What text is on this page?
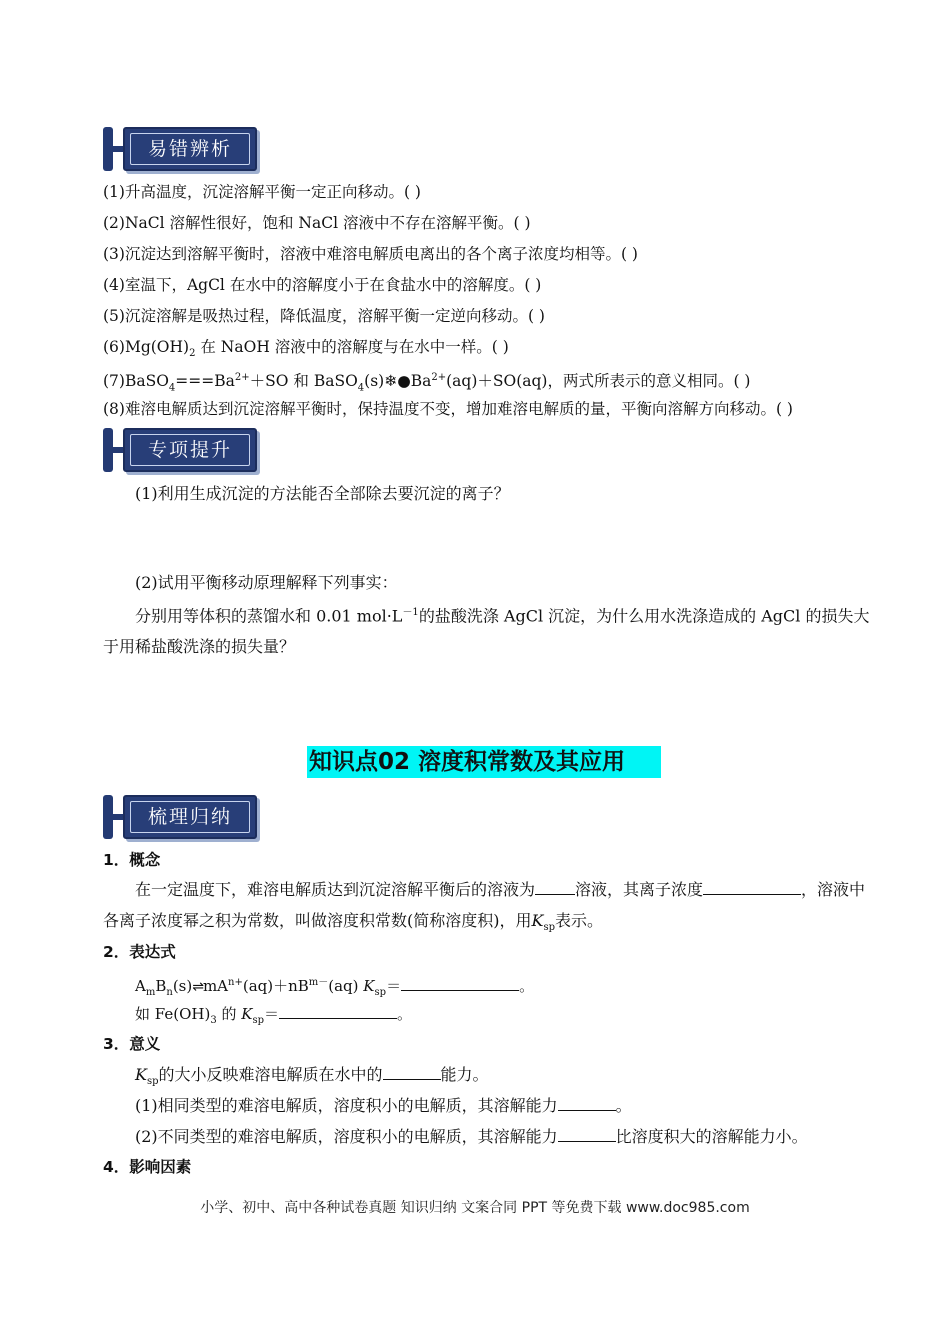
易错辨析
(1)升高温度，沉淀溶解平衡一定正向移动。( )
(2)NaCl 溶解性很好，饱和 NaCl 溶液中不存在溶解平衡。( )
(3)沉淀达到溶解平衡时，溶液中难溶电解质电离出的各个离子浓度均相等。( )
(4)室温下，AgCl 在水中的溶解度小于在食盐水中的溶解度。( )
(5)沉淀溶解是吸热过程，降低温度，溶解平衡一定逆向移动。( )
$(6)Mg(OH)_2$ 在 NaOH 溶液中的溶解度与在水中一样。( )
$(7)BaSO_4===Ba^{2+}+SO$ 和 $BaSO_4(s)❄●Ba^{2+}(aq)+SO(aq)$，两式所表示的意义相同。( )
(8)难溶电解质达到沉淀溶解平衡时，保持温度不变，增加难溶电解质的量，平衡向溶解方向移动。( )
专项提升
(1)利用生成沉淀的方法能否全部除去要沉淀的离子？
(2)试用平衡移动原理解释下列事实：
分别用等体积的蒸馏水和 0.01 $mol\cdot L^{-1}$的盐酸洗涤 AgCl 沉淀，为什么用水洗涤造成的 AgCl 的损失大于用稀盐酸洗涤的损失量？
知识点02 溶度积常数及其应用
梳理归纳
1．概念
在一定温度下，难溶电解质达到沉淀溶解平衡后的溶液为	溶液，其离子浓度	，溶液中各离子浓度幂之积为常数，叫做溶度积常数(简称溶度积)，用$K_{sp}$表示。
2．表达式
$A_mB_n(s)\rightleftharpoons mA^{n+}(aq)+nB^{m-}(aq)$ $K_{sp}=$	。
如 $Fe(OH)_3$ 的 $K_{sp}=$	。
3．意义
$K_{sp}$的大小反映难溶电解质在水中的	能力。
(1)相同类型的难溶电解质，溶度积小的电解质，其溶解能力	。
(2)不同类型的难溶电解质，溶度积小的电解质，其溶解能力	比溶度积大的溶解能力小。
4．影响因素
小学、初中、高中各种试卷真题 知识归纳 文案合同 PPT 等免费下载 www.doc985.com
